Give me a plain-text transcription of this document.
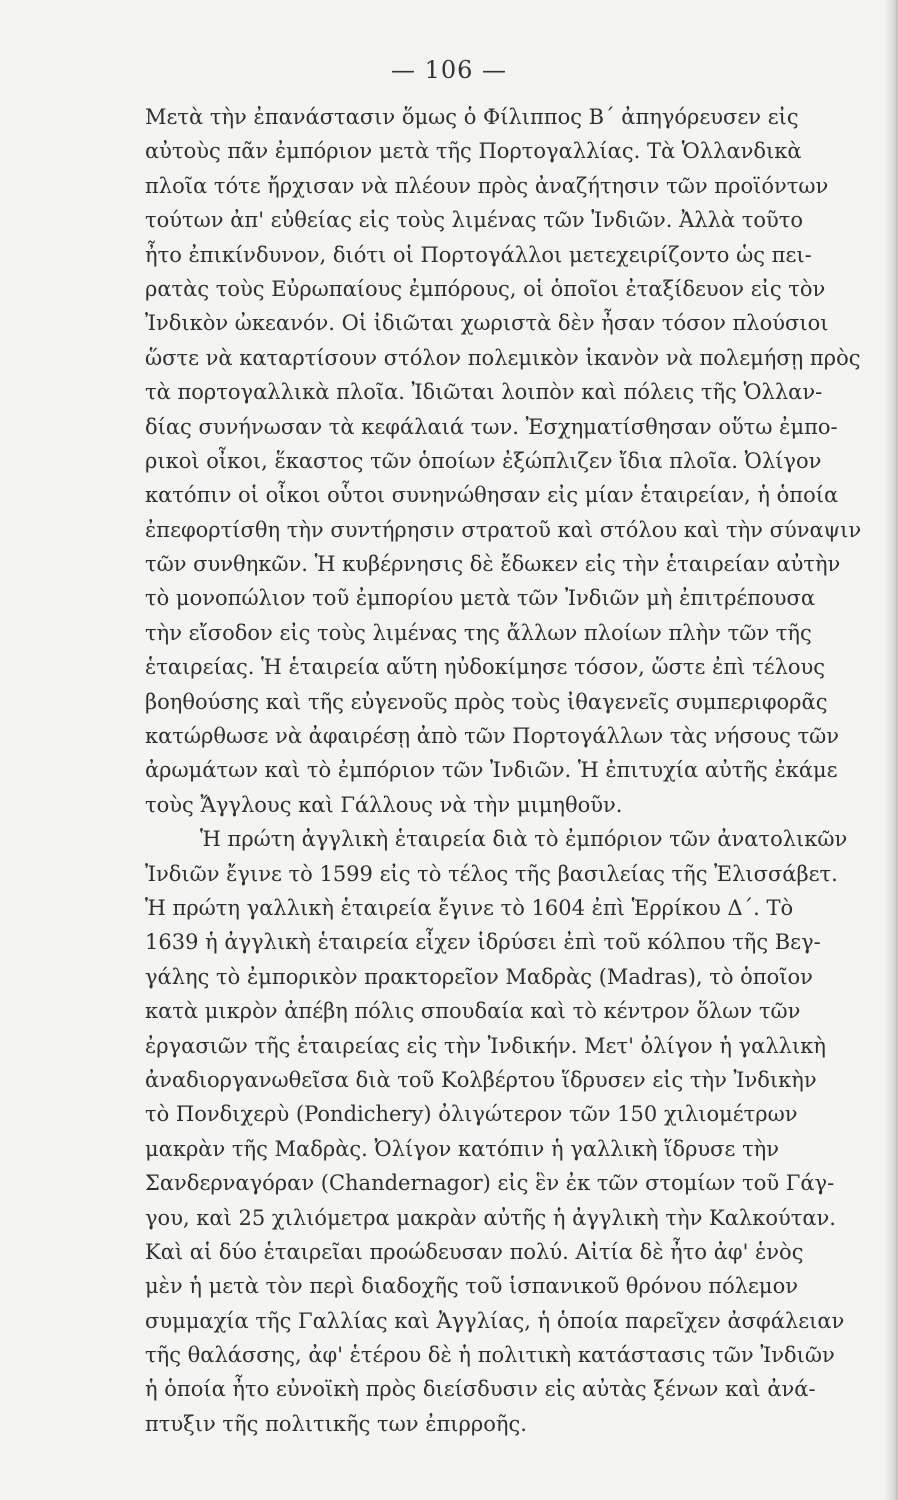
— 106 —
Μετὰ τὴν ἐπανάστασιν ὅμως ὁ Φίλιππος Β΄ ἀπηγόρευσεν εἰς
αὐτοὺς πᾶν ἐμπόριον μετὰ τῆς Πορτογαλλίας. Τὰ Ὁλλανδικὰ
πλοῖα τότε ἤρχισαν νὰ πλέουν πρὸς ἀναζήτησιν τῶν προϊόντων
τούτων ἀπ' εὐθείας εἰς τοὺς λιμένας τῶν Ἰνδιῶν. Ἀλλὰ τοῦτο
ἦτο ἐπικίνδυνον, διότι οἱ Πορτογάλλοι μετεχειρίζοντο ὡς πει-
ρατὰς τοὺς Εὐρωπαίους ἐμπόρους, οἱ ὁποῖοι ἐταξίδευον εἰς τὸν
Ἰνδικὸν ὠκεανόν. Οἱ ἰδιῶται χωριστὰ δὲν ἦσαν τόσον πλούσιοι
ὥστε νὰ καταρτίσουν στόλον πολεμικὸν ἱκανὸν νὰ πολεμήσῃ πρὸς
τὰ πορτογαλλικὰ πλοῖα. Ἰδιῶται λοιπὸν καὶ πόλεις τῆς Ὁλλαν-
δίας συνήνωσαν τὰ κεφάλαιά των. Ἐσχηματίσθησαν οὕτω ἐμπο-
ρικοὶ οἶκοι, ἕκαστος τῶν ὁποίων ἐξώπλιζεν ἴδια πλοῖα. Ὀλίγον
κατόπιν οἱ οἶκοι οὗτοι συνηνώθησαν εἰς μίαν ἑταιρείαν, ἡ ὁποία
ἐπεφορτίσθη τὴν συντήρησιν στρατοῦ καὶ στόλου καὶ τὴν σύναψιν
τῶν συνθηκῶν. Ἡ κυβέρνησις δὲ ἔδωκεν εἰς τὴν ἑταιρείαν αὐτὴν
τὸ μονοπώλιον τοῦ ἐμπορίου μετὰ τῶν Ἰνδιῶν μὴ ἐπιτρέπουσα
τὴν εἴσοδον εἰς τοὺς λιμένας της ἄλλων πλοίων πλὴν τῶν τῆς
ἑταιρείας. Ἡ ἑταιρεία αὕτη ηὐδοκίμησε τόσον, ὥστε ἐπὶ τέλους
βοηθούσης καὶ τῆς εὐγενοῦς πρὸς τοὺς ἰθαγενεῖς συμπεριφορᾶς
κατώρθωσε νὰ ἀφαιρέσῃ ἀπὸ τῶν Πορτογάλλων τὰς νήσους τῶν
ἀρωμάτων καὶ τὸ ἐμπόριον τῶν Ἰνδιῶν. Ἡ ἐπιτυχία αὐτῆς ἐκάμε
τοὺς Ἄγγλους καὶ Γάλλους νὰ τὴν μιμηθοῦν.
Ἡ πρώτη ἀγγλικὴ ἑταιρεία διὰ τὸ ἐμπόριον τῶν ἀνατολικῶν
Ἰνδιῶν ἔγινε τὸ 1599 εἰς τὸ τέλος τῆς βασιλείας τῆς Ἐλισσάβετ.
Ἡ πρώτη γαλλικὴ ἑταιρεία ἔγινε τὸ 1604 ἐπὶ Ἑρρίκου Δ΄. Τὸ
1639 ἡ ἀγγλικὴ ἑταιρεία εἶχεν ἱδρύσει ἐπὶ τοῦ κόλπου τῆς Βεγ-
γάλης τὸ ἐμπορικὸν πρακτορεῖον Μαδρὰς (Madras), τὸ ὁποῖον
κατὰ μικρὸν ἀπέβη πόλις σπουδαία καὶ τὸ κέντρον ὅλων τῶν
ἐργασιῶν τῆς ἑταιρείας εἰς τὴν Ἰνδικήν. Μετ' ὀλίγον ἡ γαλλικὴ
ἀναδιοργανωθεῖσα διὰ τοῦ Κολβέρτου ἵδρυσεν εἰς τὴν Ἰνδικὴν
τὸ Πονδιχερὺ (Pondichery) ὀλιγώτερον τῶν 150 χιλιομέτρων
μακρὰν τῆς Μαδρὰς. Ὀλίγον κατόπιν ἡ γαλλικὴ ἵδρυσε τὴν
Σανδερναγόραν (Chandernagor) εἰς ἓν ἐκ τῶν στομίων τοῦ Γάγ-
γου, καὶ 25 χιλιόμετρα μακρὰν αὐτῆς ἡ ἀγγλικὴ τὴν Καλκούταν.
Καὶ αἱ δύο ἑταιρεῖαι προώδευσαν πολύ. Αἰτία δὲ ἦτο ἀφ' ἑνὸς
μὲν ἡ μετὰ τὸν περὶ διαδοχῆς τοῦ ἱσπανικοῦ θρόνου πόλεμον
συμμαχία τῆς Γαλλίας καὶ Ἀγγλίας, ἡ ὁποία παρεῖχεν ἀσφάλειαν
τῆς θαλάσσης, ἀφ' ἑτέρου δὲ ἡ πολιτικὴ κατάστασις τῶν Ἰνδιῶν
ἡ ὁποία ἦτο εὐνοϊκὴ πρὸς διείσδυσιν εἰς αὐτὰς ξένων καὶ ἀνά-
πτυξιν τῆς πολιτικῆς των ἐπιρροῆς.
